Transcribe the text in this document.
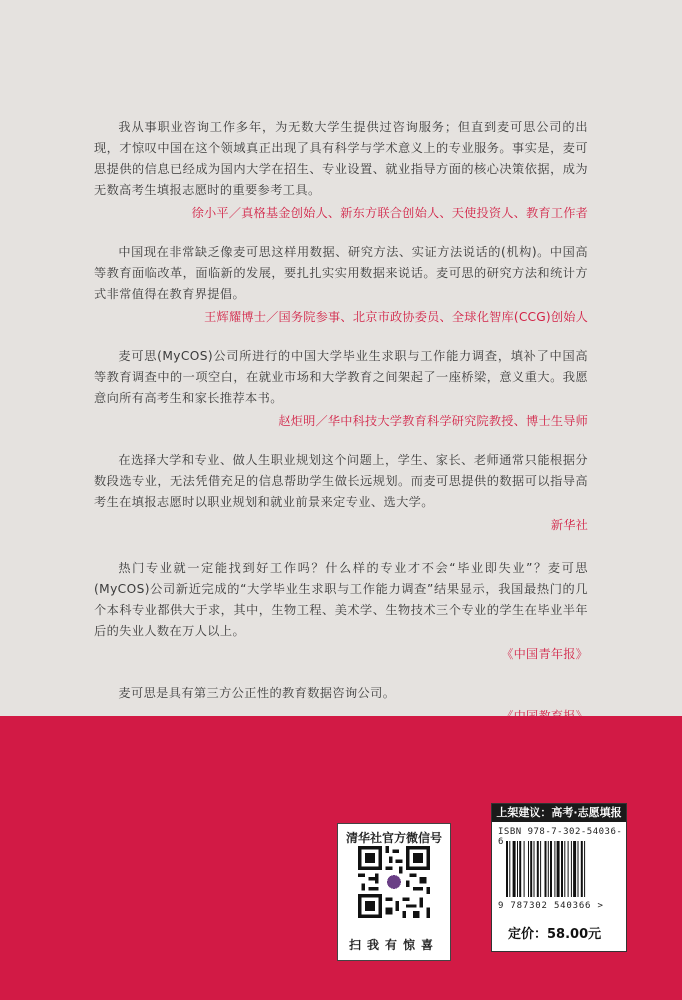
我从事职业咨询工作多年，为无数大学生提供过咨询服务；但直到麦可思公司的出现，才惊叹中国在这个领域真正出现了具有科学与学术意义上的专业服务。事实是，麦可思提供的信息已经成为国内大学在招生、专业设置、就业指导方面的核心决策依据，成为无数高考生填报志愿时的重要参考工具。

徐小平／真格基金创始人、新东方联合创始人、天使投资人、教育工作者

中国现在非常缺乏像麦可思这样用数据、研究方法、实证方法说话的(机构)。中国高等教育面临改革，面临新的发展，要扎扎实实用数据来说话。麦可思的研究方法和统计方式非常值得在教育界提倡。

王辉耀博士／国务院参事、北京市政协委员、全球化智库(CCG)创始人

麦可思(MyCOS)公司所进行的中国大学毕业生求职与工作能力调查，填补了中国高等教育调查中的一项空白，在就业市场和大学教育之间架起了一座桥梁，意义重大。我愿意向所有高考生和家长推荐本书。

赵炬明／华中科技大学教育科学研究院教授、博士生导师

在选择大学和专业、做人生职业规划这个问题上，学生、家长、老师通常只能根据分数段选专业，无法凭借充足的信息帮助学生做长远规划。而麦可思提供的数据可以指导高考生在填报志愿时以职业规划和就业前景来定专业、选大学。

新华社

热门专业就一定能找到好工作吗？什么样的专业才不会“毕业即失业”？麦可思(MyCOS)公司新近完成的“大学毕业生求职与工作能力调查”结果显示，我国最热门的几个本科专业都供大于求，其中，生物工程、美术学、生物技术三个专业的学生在毕业半年后的失业人数在万人以上。

《中国青年报》

麦可思是具有第三方公正性的教育数据咨询公司。

清华社官方微信号
扫我有惊喜
上架建议：高考·志愿填报
ISBN 978-7-302-54036-6
9 787302 540366 >
定价：58.00元
